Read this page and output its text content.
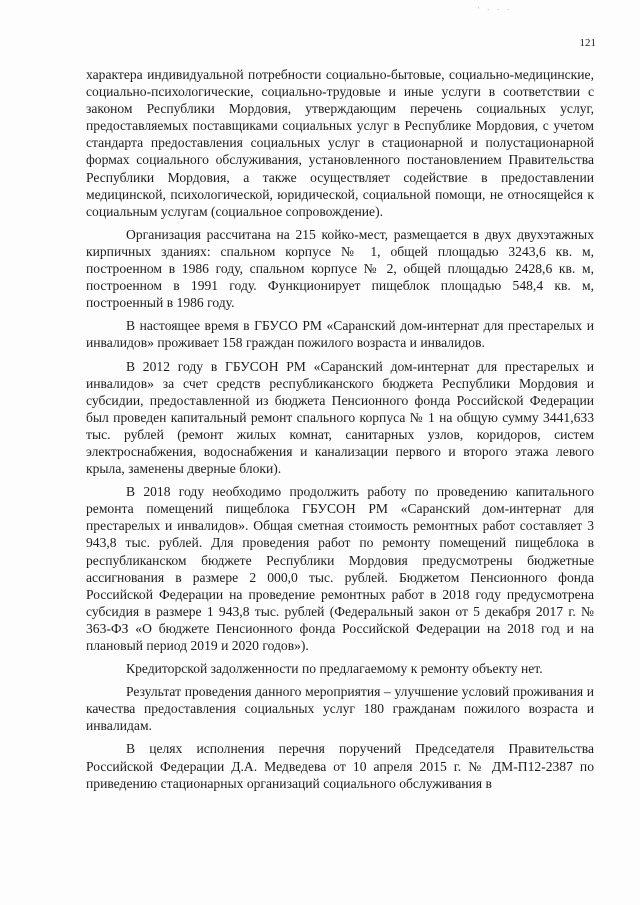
' · · ·
121

характера индивидуальной потребности социально-бытовые, социально-медицинские, социально-психологические, социально-трудовые и иные услуги в соответствии с законом Республики Мордовия, утверждающим перечень социальных услуг, предоставляемых поставщиками социальных услуг в Республике Мордовия, с учетом стандарта предоставления социальных услуг в стационарной и полустационарной формах социального обслуживания, установленного постановлением Правительства Республики Мордовия, а также осуществляет содействие в предоставлении медицинской, психологической, юридической, социальной помощи, не относящейся к социальным услугам (социальное сопровождение).

Организация рассчитана на 215 койко-мест, размещается в двух двухэтажных кирпичных зданиях: спальном корпусе № 1, общей площадью 3243,6 кв. м, построенном в 1986 году, спальном корпусе № 2, общей площадью 2428,6 кв. м, построенном в 1991 году. Функционирует пищеблок площадью 548,4 кв. м, построенный в 1986 году.

В настоящее время в ГБУСО РМ «Саранский дом-интернат для престарелых и инвалидов» проживает 158 граждан пожилого возраста и инвалидов.

В 2012 году в ГБУСОН РМ «Саранский дом-интернат для престарелых и инвалидов» за счет средств республиканского бюджета Республики Мордовия и субсидии, предоставленной из бюджета Пенсионного фонда Российской Федерации был проведен капитальный ремонт спального корпуса № 1 на общую сумму 3441,633 тыс. рублей (ремонт жилых комнат, санитарных узлов, коридоров, систем электроснабжения, водоснабжения и канализации первого и второго этажа левого крыла, заменены дверные блоки).

В 2018 году необходимо продолжить работу по проведению капитального ремонта помещений пищеблока ГБУСОН РМ «Саранский дом-интернат для престарелых и инвалидов». Общая сметная стоимость ремонтных работ составляет 3 943,8 тыс. рублей. Для проведения работ по ремонту помещений пищеблока в республиканском бюджете Республики Мордовия предусмотрены бюджетные ассигнования в размере 2 000,0 тыс. рублей. Бюджетом Пенсионного фонда Российской Федерации на проведение ремонтных работ в 2018 году предусмотрена субсидия в размере 1 943,8 тыс. рублей (Федеральный закон от 5 декабря 2017 г. № 363-ФЗ «О бюджете Пенсионного фонда Российской Федерации на 2018 год и на плановый период 2019 и 2020 годов»).

Кредиторской задолженности по предлагаемому к ремонту объекту нет.

Результат проведения данного мероприятия – улучшение условий проживания и качества предоставления социальных услуг 180 гражданам пожилого возраста и инвалидам.

В целях исполнения перечня поручений Председателя Правительства Российской Федерации Д.А. Медведева от 10 апреля 2015 г. № ДМ-П12-2387 по приведению стационарных организаций социального обслуживания в
